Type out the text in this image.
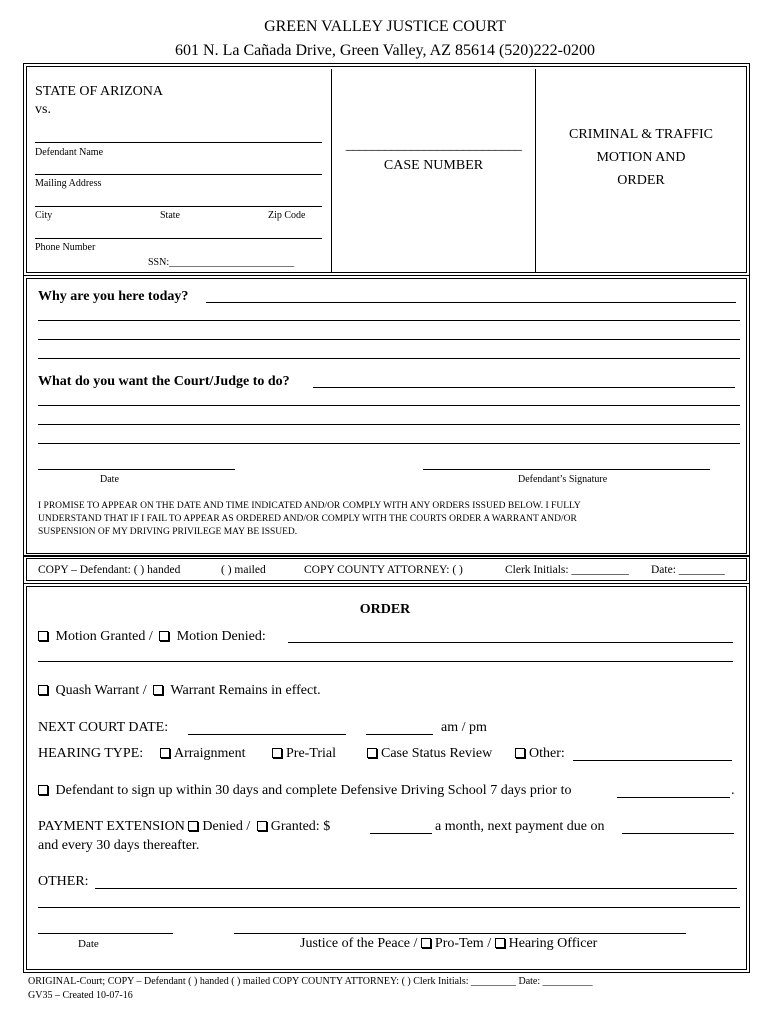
GREEN VALLEY JUSTICE COURT
601 N. La Cañada Drive, Green Valley, AZ 85614 (520)222-0200
STATE OF ARIZONA
vs.
Defendant Name
Mailing Address
City	State	Zip Code
Phone Number
SSN:_________________________
___________________________
CASE NUMBER
CRIMINAL & TRAFFIC
MOTION AND
ORDER
Why are you here today?
What do you want the Court/Judge to do?
Date	Defendant’s Signature
I PROMISE TO APPEAR ON THE DATE AND TIME INDICATED AND/OR COMPLY WITH ANY ORDERS ISSUED BELOW. I FULLY
UNDERSTAND THAT IF I FAIL TO APPEAR AS ORDERED AND/OR COMPLY WITH THE COURTS ORDER A WARRANT AND/OR
SUSPENSION OF MY DRIVING PRIVILEGE MAY BE ISSUED.
COPY – Defendant: ( ) handed	( ) mailed	COPY COUNTY ATTORNEY: ( )	Clerk Initials: __________ Date: ________
ORDER
Motion Granted / Motion Denied:
Quash Warrant / Warrant Remains in effect.
NEXT COURT DATE:	am / pm
HEARING TYPE:	Arraignment	Pre-Trial	Case Status Review	Other:
Defendant to sign up within 30 days and complete Defensive Driving School 7 days prior to	.
PAYMENT EXTENSION Denied / Granted: $	a month, next payment due on
and every 30 days thereafter.
OTHER:
Date	Justice of the Peace / Pro-Tem / Hearing Officer
ORIGINAL-Court; COPY – Defendant ( ) handed ( ) mailed COPY COUNTY ATTORNEY: ( ) Clerk Initials: _________ Date: __________
GV35 – Created 10-07-16
